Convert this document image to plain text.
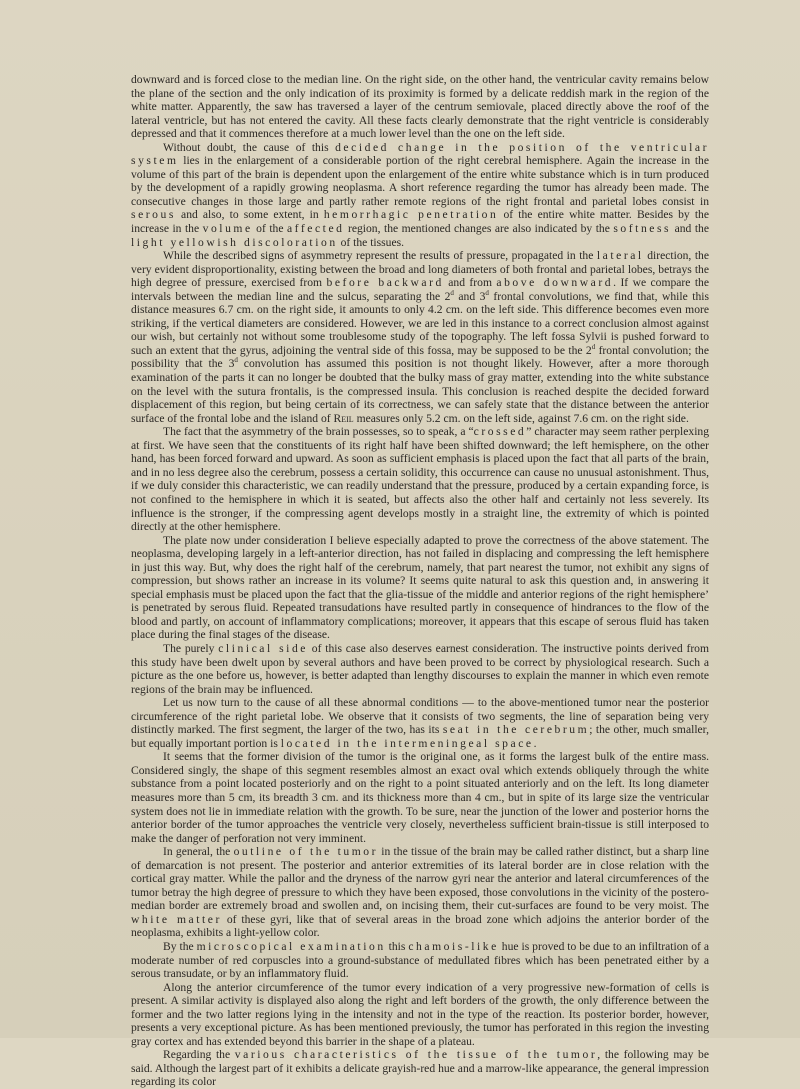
downward and is forced close to the median line. On the right side, on the other hand, the ventricular cavity remains below the plane of the section and the only indication of its proximity is formed by a delicate reddish mark in the region of the white matter. Apparently, the saw has traversed a layer of the centrum semiovale, placed directly above the roof of the lateral ventricle, but has not entered the cavity. All these facts clearly demonstrate that the right ventricle is considerably depressed and that it commences therefore at a much lower level than the one on the left side.

Without doubt, the cause of this decided change in the position of the ventricular system lies in the enlargement of a considerable portion of the right cerebral hemisphere. Again the increase in the volume of this part of the brain is dependent upon the enlargement of the entire white substance which is in turn produced by the development of a rapidly growing neoplasma. A short reference regarding the tumor has already been made. The consecutive changes in those large and partly rather remote regions of the right frontal and parietal lobes consist in serous and also, to some extent, in hemorrhagic penetration of the entire white matter. Besides by the increase in the volume of the affected region, the mentioned changes are also indicated by the softness and the light yellowish discoloration of the tissues.

While the described signs of asymmetry represent the results of pressure, propagated in the lateral direction, the very evident disproportionality, existing between the broad and long diameters of both frontal and parietal lobes, betrays the high degree of pressure, exercised from before backward and from above downward. If we compare the intervals between the median line and the sulcus, separating the 2$^d$ and 3$^d$ frontal convolutions, we find that, while this distance measures 6.7 cm. on the right side, it amounts to only 4.2 cm. on the left side. This difference becomes even more striking, if the vertical diameters are considered. However, we are led in this instance to a correct conclusion almost against our wish, but certainly not without some troublesome study of the topography. The left fossa Sylvii is pushed forward to such an extent that the gyrus, adjoining the ventral side of this fossa, may be supposed to be the 2$^d$ frontal convolution; the possibility that the 3$^d$ convolution has assumed this position is not thought likely. However, after a more thorough examination of the parts it can no longer be doubted that the bulky mass of gray matter, extending into the white substance on the level with the sutura frontalis, is the compressed insula. This conclusion is reached despite the decided forward displacement of this region, but being certain of its correctness, we can safely state that the distance between the anterior surface of the frontal lobe and the island of Reil measures only 5.2 cm. on the left side, against 7.6 cm. on the right side.

The fact that the asymmetry of the brain possesses, so to speak, a “crossed” character may seem rather perplexing at first. We have seen that the constituents of its right half have been shifted downward; the left hemisphere, on the other hand, has been forced forward and upward. As soon as sufficient emphasis is placed upon the fact that all parts of the brain, and in no less degree also the cerebrum, possess a certain solidity, this occurrence can cause no unusual astonishment. Thus, if we duly consider this characteristic, we can readily understand that the pressure, produced by a certain expanding force, is not confined to the hemisphere in which it is seated, but affects also the other half and certainly not less severely. Its influence is the stronger, if the compressing agent develops mostly in a straight line, the extremity of which is pointed directly at the other hemisphere.

The plate now under consideration I believe especially adapted to prove the correctness of the above statement. The neoplasma, developing largely in a left-anterior direction, has not failed in displacing and compressing the left hemisphere in just this way. But, why does the right half of the cerebrum, namely, that part nearest the tumor, not exhibit any signs of compression, but shows rather an increase in its volume? It seems quite natural to ask this question and, in answering it special emphasis must be placed upon the fact that the glia-tissue of the middle and anterior regions of the right hemisphere’ is penetrated by serous fluid. Repeated transudations have resulted partly in consequence of hindrances to the flow of the blood and partly, on account of inflammatory complications; moreover, it appears that this escape of serous fluid has taken place during the final stages of the disease.

The purely clinical side of this case also deserves earnest consideration. The instructive points derived from this study have been dwelt upon by several authors and have been proved to be correct by physiological research. Such a picture as the one before us, however, is better adapted than lengthy discourses to explain the manner in which even remote regions of the brain may be influenced.

Let us now turn to the cause of all these abnormal conditions — to the above-mentioned tumor near the posterior circumference of the right parietal lobe. We observe that it consists of two segments, the line of separation being very distinctly marked. The first segment, the larger of the two, has its seat in the cerebrum; the other, much smaller, but equally important portion is located in the intermeningeal space.

It seems that the former division of the tumor is the original one, as it forms the largest bulk of the entire mass. Considered singly, the shape of this segment resembles almost an exact oval which extends obliquely through the white substance from a point located posteriorly and on the right to a point situated anteriorly and on the left. Its long diameter measures more than 5 cm, its breadth 3 cm. and its thickness more than 4 cm., but in spite of its large size the ventricular system does not lie in immediate relation with the growth. To be sure, near the junction of the lower and posterior horns the anterior border of the tumor approaches the ventricle very closely, nevertheless sufficient brain-tissue is still interposed to make the danger of perforation not very imminent.

In general, the outline of the tumor in the tissue of the brain may be called rather distinct, but a sharp line of demarcation is not present. The posterior and anterior extremities of its lateral border are in close relation with the cortical gray matter. While the pallor and the dryness of the narrow gyri near the anterior and lateral circumferences of the tumor betray the high degree of pressure to which they have been exposed, those convolutions in the vicinity of the postero-median border are extremely broad and swollen and, on incising them, their cut-surfaces are found to be very moist. The white matter of these gyri, like that of several areas in the broad zone which adjoins the anterior border of the neoplasma, exhibits a light-yellow color.

By the microscopical examination this chamois-like hue is proved to be due to an infiltration of a moderate number of red corpuscles into a ground-substance of medullated fibres which has been penetrated either by a serous transudate, or by an inflammatory fluid.

Along the anterior circumference of the tumor every indication of a very progressive new-formation of cells is present. A similar activity is displayed also along the right and left borders of the growth, the only difference between the former and the two latter regions lying in the intensity and not in the type of the reaction. Its posterior border, however, presents a very exceptional picture. As has been mentioned previously, the tumor has perforated in this region the investing gray cortex and has extended beyond this barrier in the shape of a plateau.

Regarding the various characteristics of the tissue of the tumor, the following may be said. Although the largest part of it exhibits a delicate grayish-red hue and a marrow-like appearance, the general impression regarding its color
